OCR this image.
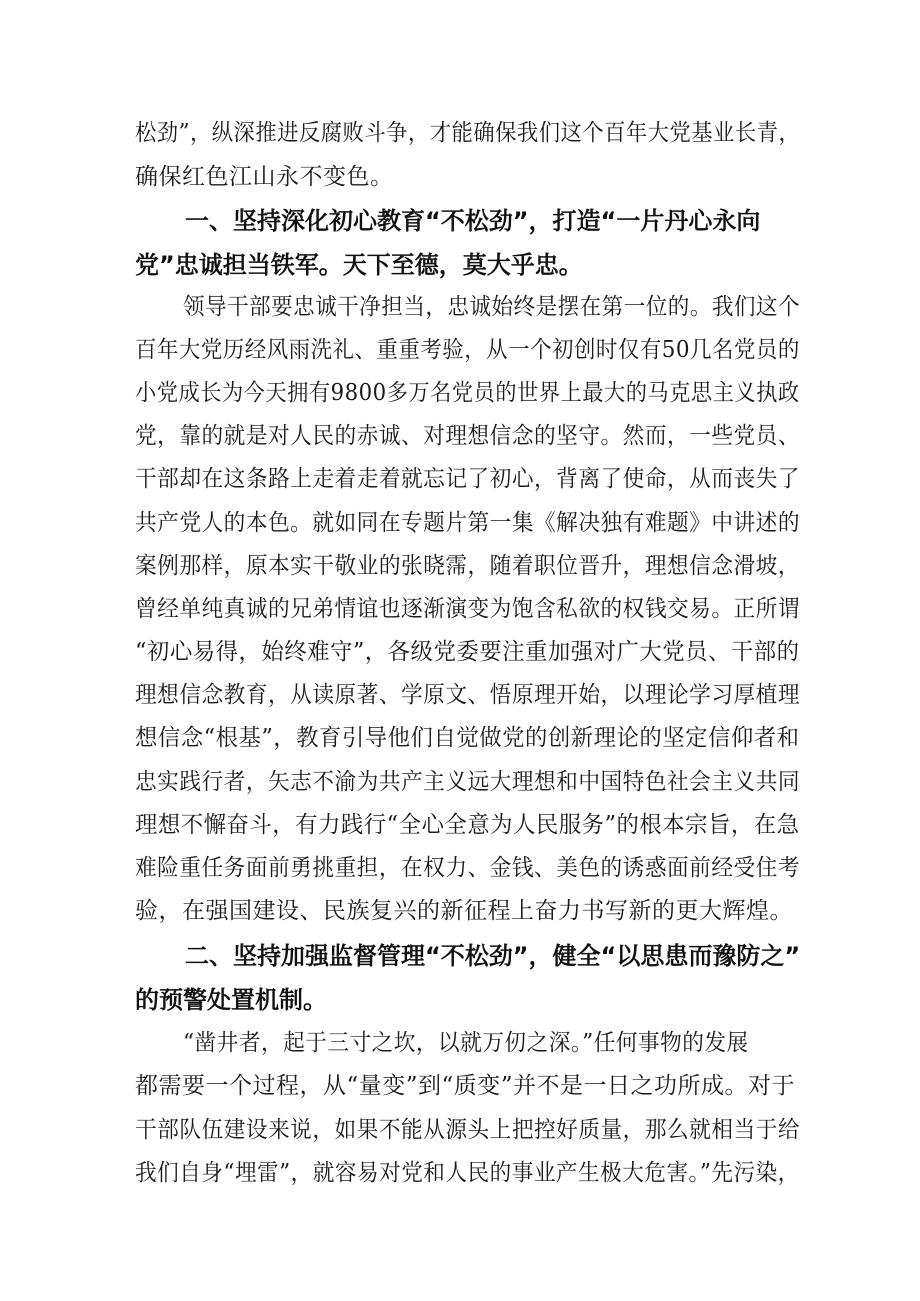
松劲”，纵深推进反腐败斗争，才能确保我们这个百年大党基业长青，
确保红色江山永不变色。
一、坚持深化初心教育“不松劲”，打造“一片丹心永向
党”忠诚担当铁军。天下至德，莫大乎忠。
领导干部要忠诚干净担当，忠诚始终是摆在第一位的。我们这个
百年大党历经风雨洗礼、重重考验，从一个初创时仅有50几名党员的
小党成长为今天拥有9800多万名党员的世界上最大的马克思主义执政
党，靠的就是对人民的赤诚、对理想信念的坚守。然而，一些党员、
干部却在这条路上走着走着就忘记了初心，背离了使命，从而丧失了
共产党人的本色。就如同在专题片第一集《解决独有难题》中讲述的
案例那样，原本实干敬业的张晓霈，随着职位晋升，理想信念滑坡，
曾经单纯真诚的兄弟情谊也逐渐演变为饱含私欲的权钱交易。正所谓
“初心易得，始终难守”，各级党委要注重加强对广大党员、干部的
理想信念教育，从读原著、学原文、悟原理开始，以理论学习厚植理
想信念“根基”，教育引导他们自觉做党的创新理论的坚定信仰者和
忠实践行者，矢志不渝为共产主义远大理想和中国特色社会主义共同
理想不懈奋斗，有力践行“全心全意为人民服务”的根本宗旨，在急
难险重任务面前勇挑重担，在权力、金钱、美色的诱惑面前经受住考
验，在强国建设、民族复兴的新征程上奋力书写新的更大辉煌。
二、坚持加强监督管理“不松劲”，健全“以思患而豫防之”
的预警处置机制。
“凿井者，起于三寸之坎，以就万仞之深。”任何事物的发展
都需要一个过程，从“量变”到“质变”并不是一日之功所成。对于
干部队伍建设来说，如果不能从源头上把控好质量，那么就相当于给
我们自身“埋雷”，就容易对党和人民的事业产生极大危害。”先污染，
